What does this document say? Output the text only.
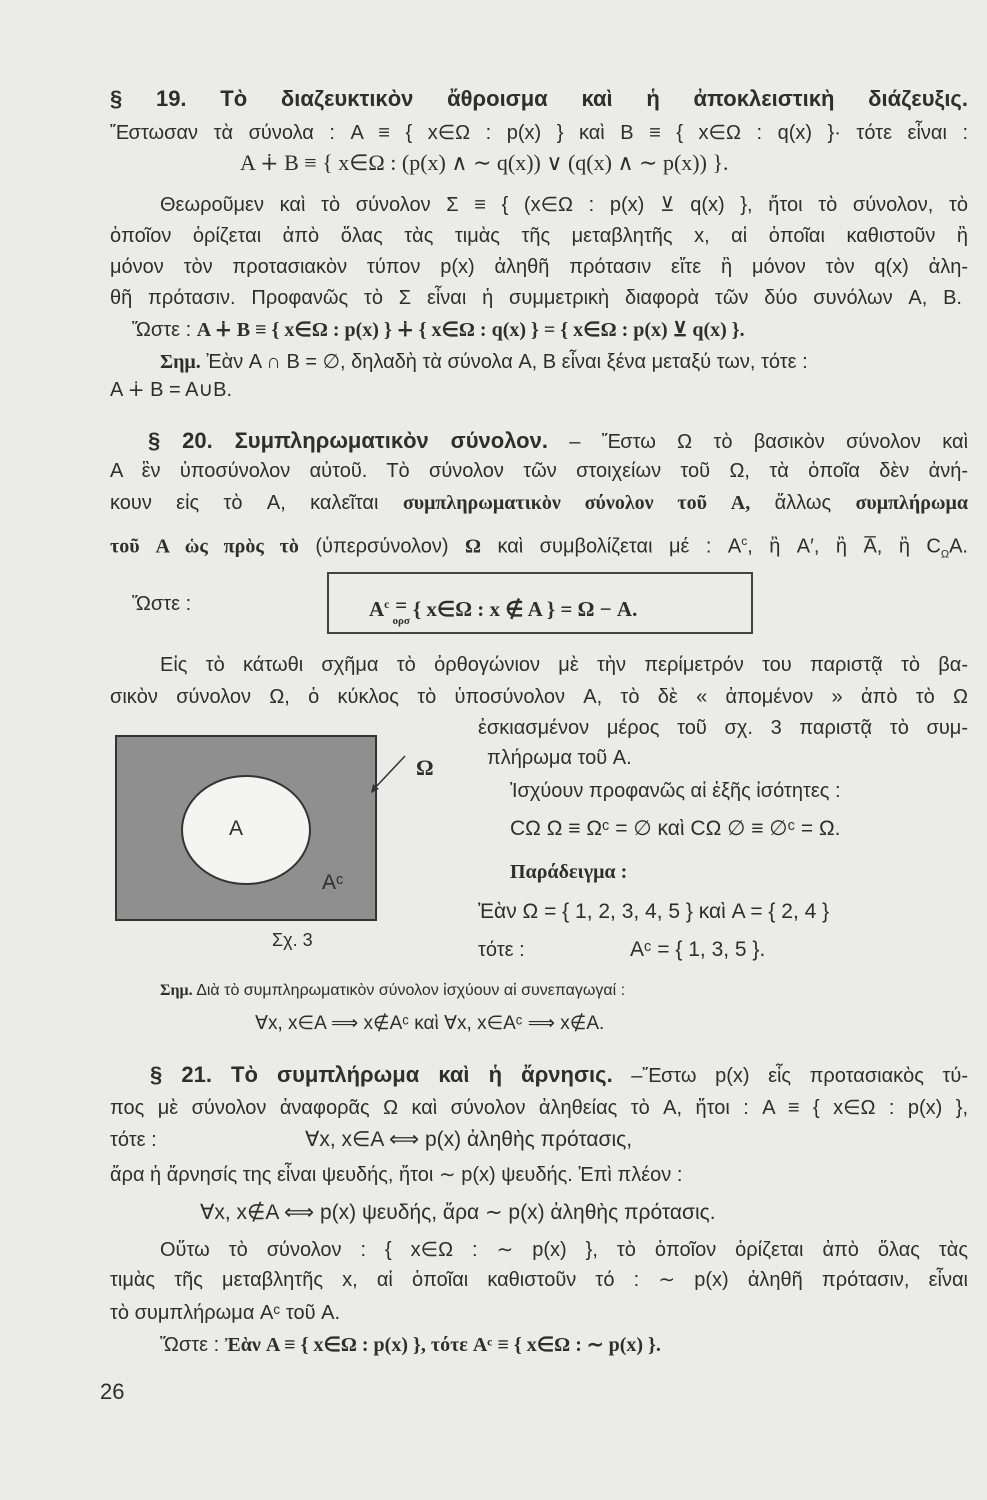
§ 19. Τὸ διαζευκτικὸν ἄθροισμα καὶ ἡ ἀποκλειστικὴ διάζευξις.
Ἔστωσαν τὰ σύνολα : A ≡ { x∈Ω : p(x) } καὶ B ≡ { x∈Ω : q(x) }· τότε εἶναι :
A ∔ B ≡ { x∈Ω : (p(x) ∧ ∼ q(x)) ∨ (q(x) ∧ ∼ p(x)) }.
Θεωροῦμεν καὶ τὸ σύνολον Σ ≡ { (x∈Ω : p(x) ⊻ q(x) }, ἤτοι τὸ σύνολον, τὸ
ὁποῖον ὁρίζεται ἀπὸ ὅλας τὰς τιμὰς τῆς μεταβλητῆς x, αἱ ὁποῖαι καθιστοῦν ἢ
μόνον τὸν προτασιακὸν τύπον p(x) ἀληθῆ πρότασιν εἴτε ἢ μόνον τὸν q(x) ἀλη-
θῆ πρότασιν. Προφανῶς τὸ Σ εἶναι ἡ συμμετρικὴ διαφορὰ τῶν δύο συνόλων A, B.
Ὥστε : A ∔ B ≡ { x∈Ω : p(x) } ∔ { x∈Ω : q(x) } = { x∈Ω : p(x) ⊻ q(x) }.
Σημ. Ἐὰν A ∩ B = ∅, δηλαδὴ τὰ σύνολα A, B εἶναι ξένα μεταξύ των, τότε :
A ∔ B = A∪B.
§ 20. Συμπληρωματικὸν σύνολον. – Ἔστω Ω τὸ βασικὸν σύνολον καὶ
A ἓν ὑποσύνολον αὐτοῦ. Τὸ σύνολον τῶν στοιχείων τοῦ Ω, τὰ ὁποῖα δὲν ἀνή-
κουν εἰς τὸ A, καλεῖται συμπληρωματικὸν σύνολον τοῦ A, ἄλλως συμπλήρωμα
τοῦ A ὡς πρὸς τὸ (ὑπερσύνολον) Ω καὶ συμβολίζεται μέ : $A^c$, ἢ A′, ἢ A̅, ἢ $C_\Omega A$.
Ὥστε :	$A^c$ =
ορσ
{ x∈Ω : x ∉ A } = Ω − A.
Εἰς τὸ κάτωθι σχῆμα τὸ ὀρθογώνιον μὲ τὴν περίμετρόν του παριστᾷ τὸ βα-
σικὸν σύνολον Ω, ὁ κύκλος τὸ ὑποσύνολον A, τὸ δὲ « ἀπομένον » ἀπὸ τὸ Ω
ἐσκιασμένον μέρος τοῦ σχ. 3 παριστᾷ τὸ συμ-
πλήρωμα τοῦ A.
Ἰσχύουν προφανῶς αἱ ἑξῆς ἰσότητες :
CΩ Ω ≡ Ωᶜ = ∅ καὶ CΩ ∅ ≡ ∅ᶜ = Ω.
Παράδειγμα :
Ἐὰν Ω = { 1, 2, 3, 4, 5 } καὶ A = { 2, 4 }
τότε :	Aᶜ = { 1, 3, 5 }.
A
Aᶜ
Ω
Σχ. 3
Σημ. Διὰ τὸ συμπληρωματικὸν σύνολον ἰσχύουν αἱ συνεπαγωγαί :
∀x, x∈A ⟹ x∉Aᶜ καὶ ∀x, x∈Aᶜ ⟹ x∉A.
§ 21. Τὸ συμπλήρωμα καὶ ἡ ἄρνησις. –Ἔστω p(x) εἷς προτασιακὸς τύ-
πος μὲ σύνολον ἀναφορᾶς Ω καὶ σύνολον ἀληθείας τὸ A, ἤτοι : A ≡ { x∈Ω : p(x) },
τότε :	∀x, x∈A ⟺ p(x) ἀληθὴς πρότασις,
ἄρα ἡ ἄρνησίς της εἶναι ψευδής, ἤτοι ∼ p(x) ψευδής. Ἐπὶ πλέον :
∀x, x∉A ⟺ p(x) ψευδής, ἄρα ∼ p(x) ἀληθὴς πρότασις.
Οὕτω τὸ σύνολον : { x∈Ω : ∼ p(x) }, τὸ ὁποῖον ὁρίζεται ἀπὸ ὅλας τὰς
τιμὰς τῆς μεταβλητῆς x, αἱ ὁποῖαι καθιστοῦν τό : ∼ p(x) ἀληθῆ πρότασιν, εἶναι
τὸ συμπλήρωμα Aᶜ τοῦ A.
Ὥστε : Ἐὰν A ≡ { x∈Ω : p(x) }, τότε Aᶜ ≡ { x∈Ω : ∼ p(x) }.
26
